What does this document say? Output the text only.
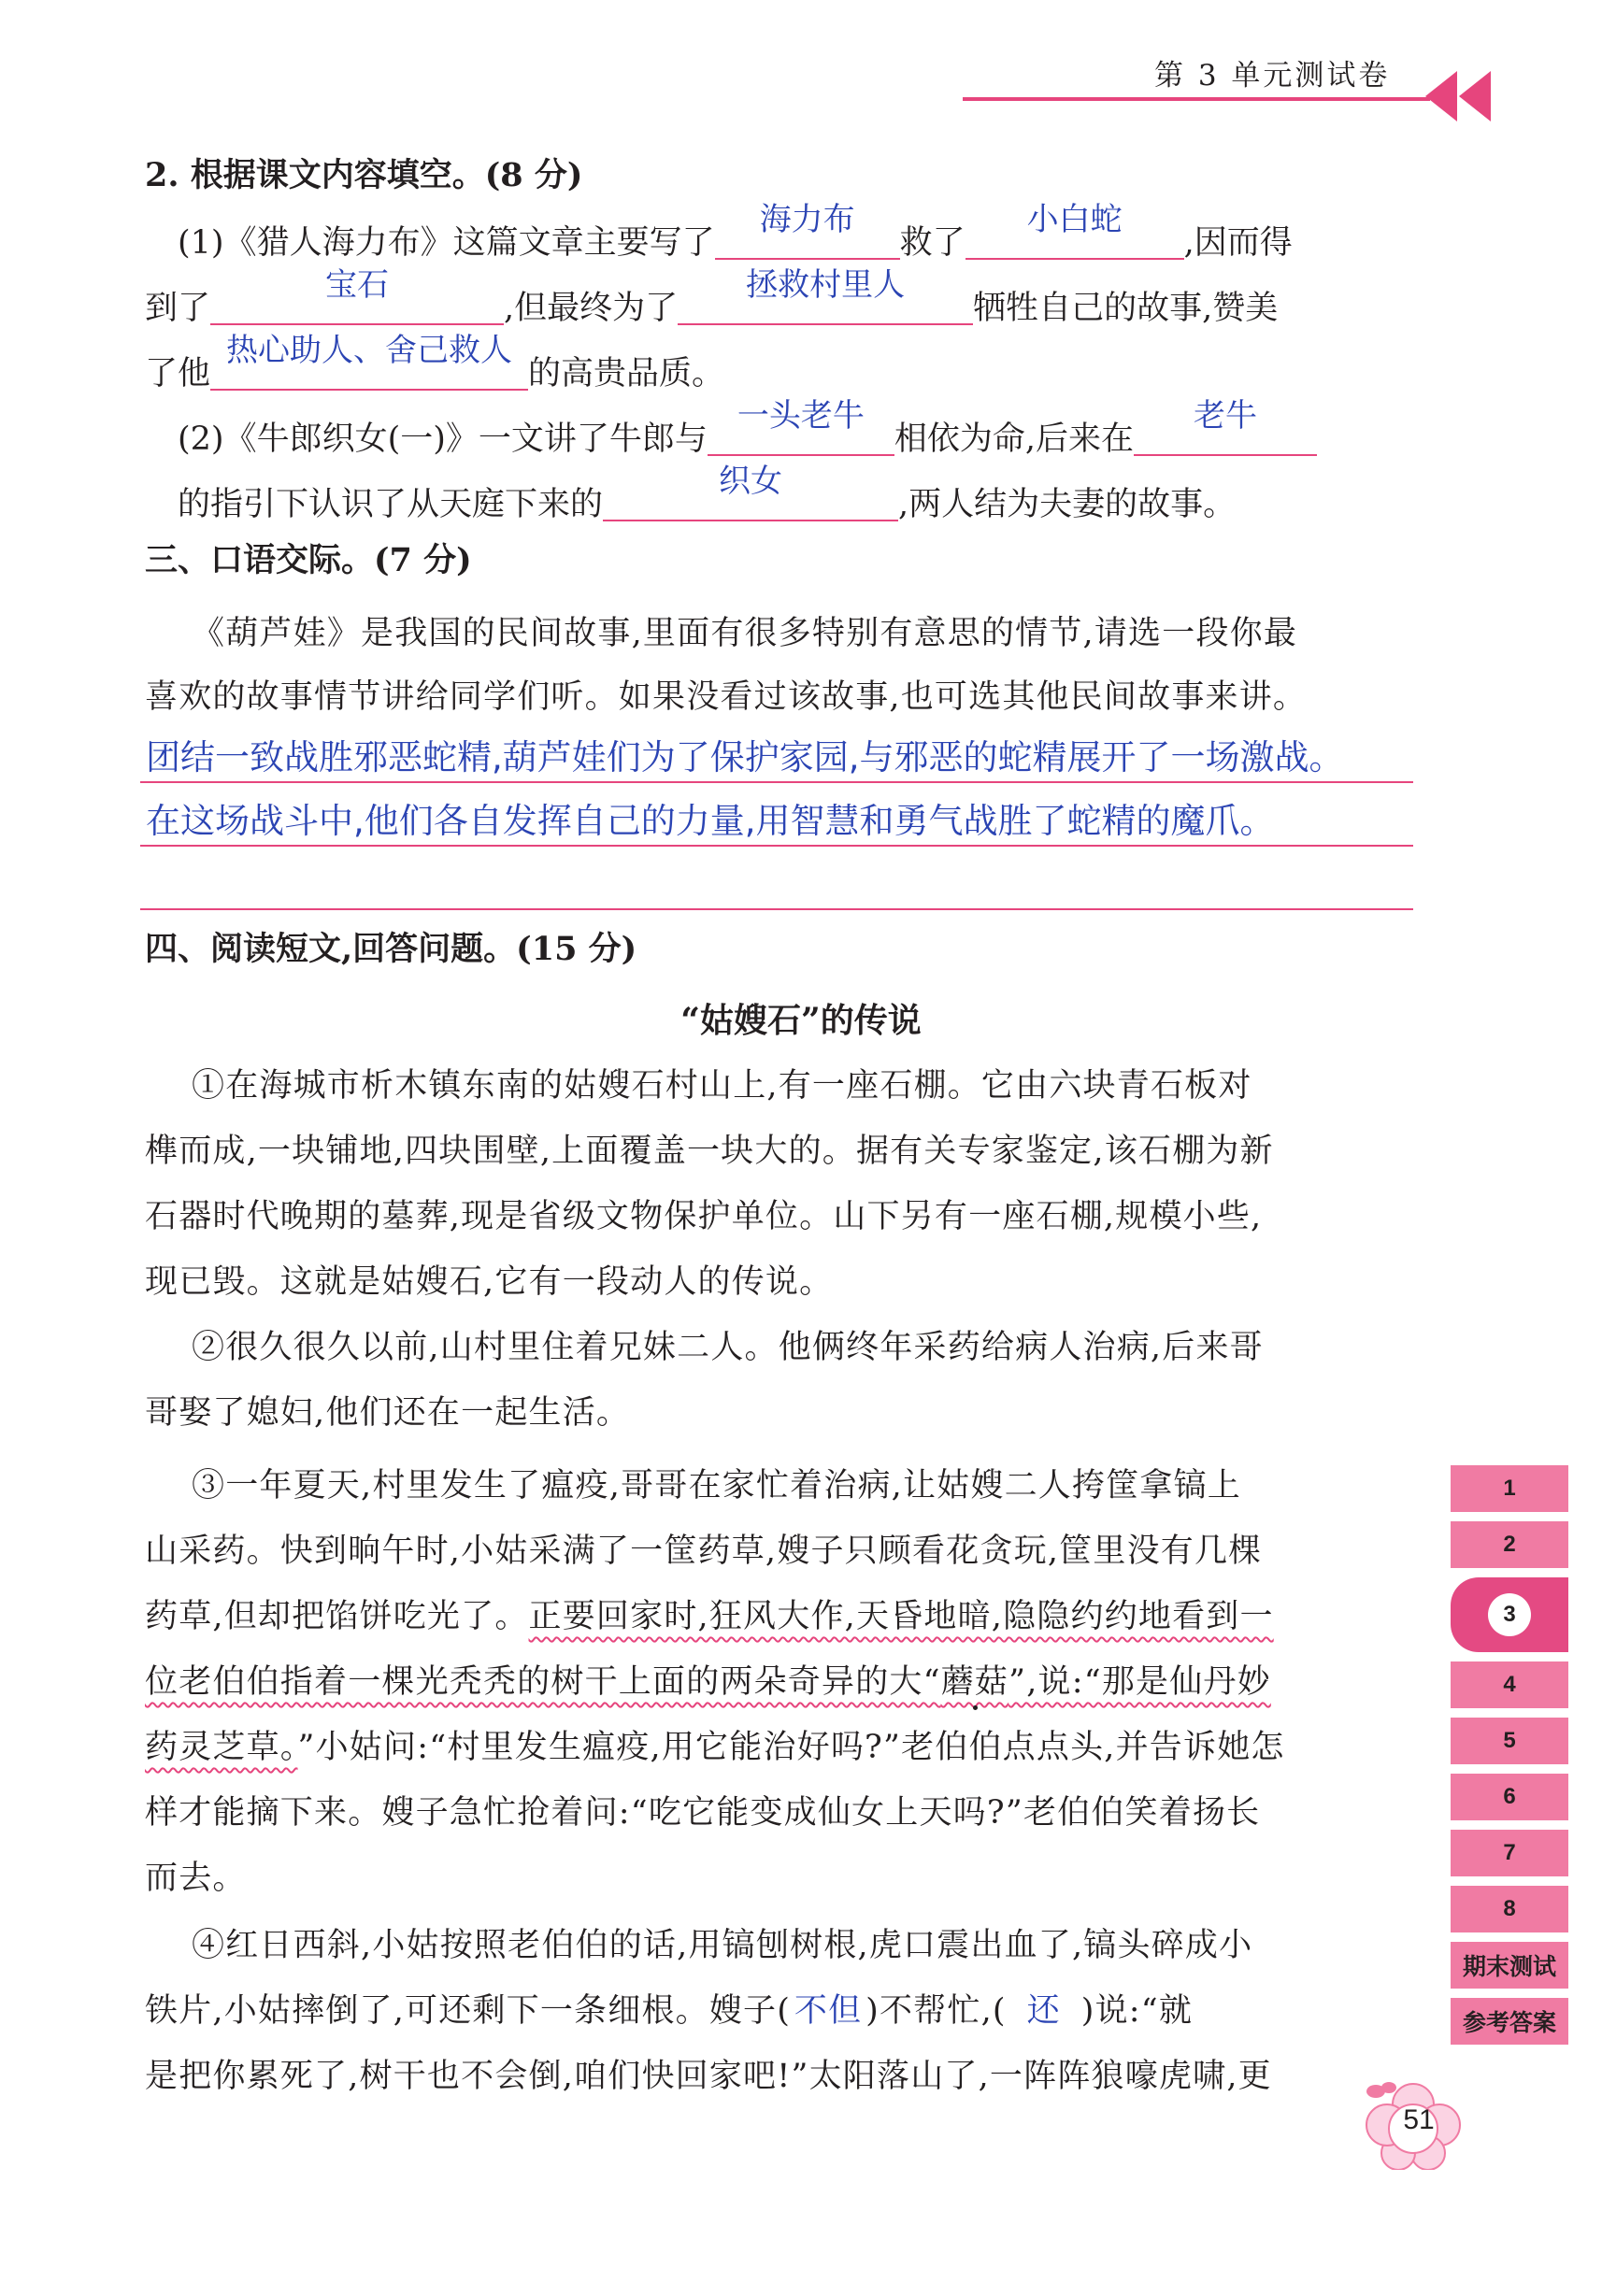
第 3 单元测试卷
2. 根据课文内容填空。(8 分)
(1)《猎人海力布》这篇文章主要写了
海力布
救了
小白蛇
,因而得
到了
宝石
,但最终为了
拯救村里人
牺牲自己的故事,赞美
了他
热心助人、舍己救人
的高贵品质。
(2)《牛郎织女(一)》一文讲了牛郎与
一头老牛
相依为命,后来在
老牛
的指引下认识了从天庭下来的
织女
,两人结为夫妻的故事。
三、口语交际。(7 分)
《葫芦娃》是我国的民间故事,里面有很多特别有意思的情节,请选一段你最
喜欢的故事情节讲给同学们听。如果没看过该故事,也可选其他民间故事来讲。
团结一致战胜邪恶蛇精,葫芦娃们为了保护家园,与邪恶的蛇精展开了一场激战。
在这场战斗中,他们各自发挥自己的力量,用智慧和勇气战胜了蛇精的魔爪。
四、阅读短文,回答问题。(15 分)
“姑嫂石”的传说
①在海城市析木镇东南的姑嫂石村山上,有一座石棚。它由六块青石板对
榫而成,一块铺地,四块围壁,上面覆盖一块大的。据有关专家鉴定,该石棚为新
石器时代晚期的墓葬,现是省级文物保护单位。山下另有一座石棚,规模小些,
现已毁。这就是姑嫂石,它有一段动人的传说。
②很久很久以前,山村里住着兄妹二人。他俩终年采药给病人治病,后来哥
哥娶了媳妇,他们还在一起生活。
③一年夏天,村里发生了瘟疫,哥哥在家忙着治病,让姑嫂二人挎筐拿镐上
山采药。快到晌午时,小姑采满了一筐药草,嫂子只顾看花贪玩,筐里没有几棵
药草,但却把馅饼吃光了。正要回家时,狂风大作,天昏地暗,隐隐约约地看到一
位老伯伯指着一棵光秃秃的树干上面的两朵奇异的大“蘑菇”,说:“那是仙丹妙
药灵芝草。”小姑问:“村里发生瘟疫,用它能治好吗?”老伯伯点点头,并告诉她怎
样才能摘下来。嫂子急忙抢着问:“吃它能变成仙女上天吗?”老伯伯笑着扬长
而去。
④红日西斜,小姑按照老伯伯的话,用镐刨树根,虎口震出血了,镐头碎成小
铁片,小姑摔倒了,可还剩下一条细根。嫂子( 不但 )不帮忙,( 还 )说:“就
是把你累死了,树干也不会倒,咱们快回家吧!”太阳落山了,一阵阵狼嚎虎啸,更
1
2
3
4
5
6
7
8
期末测试
参考答案
51
